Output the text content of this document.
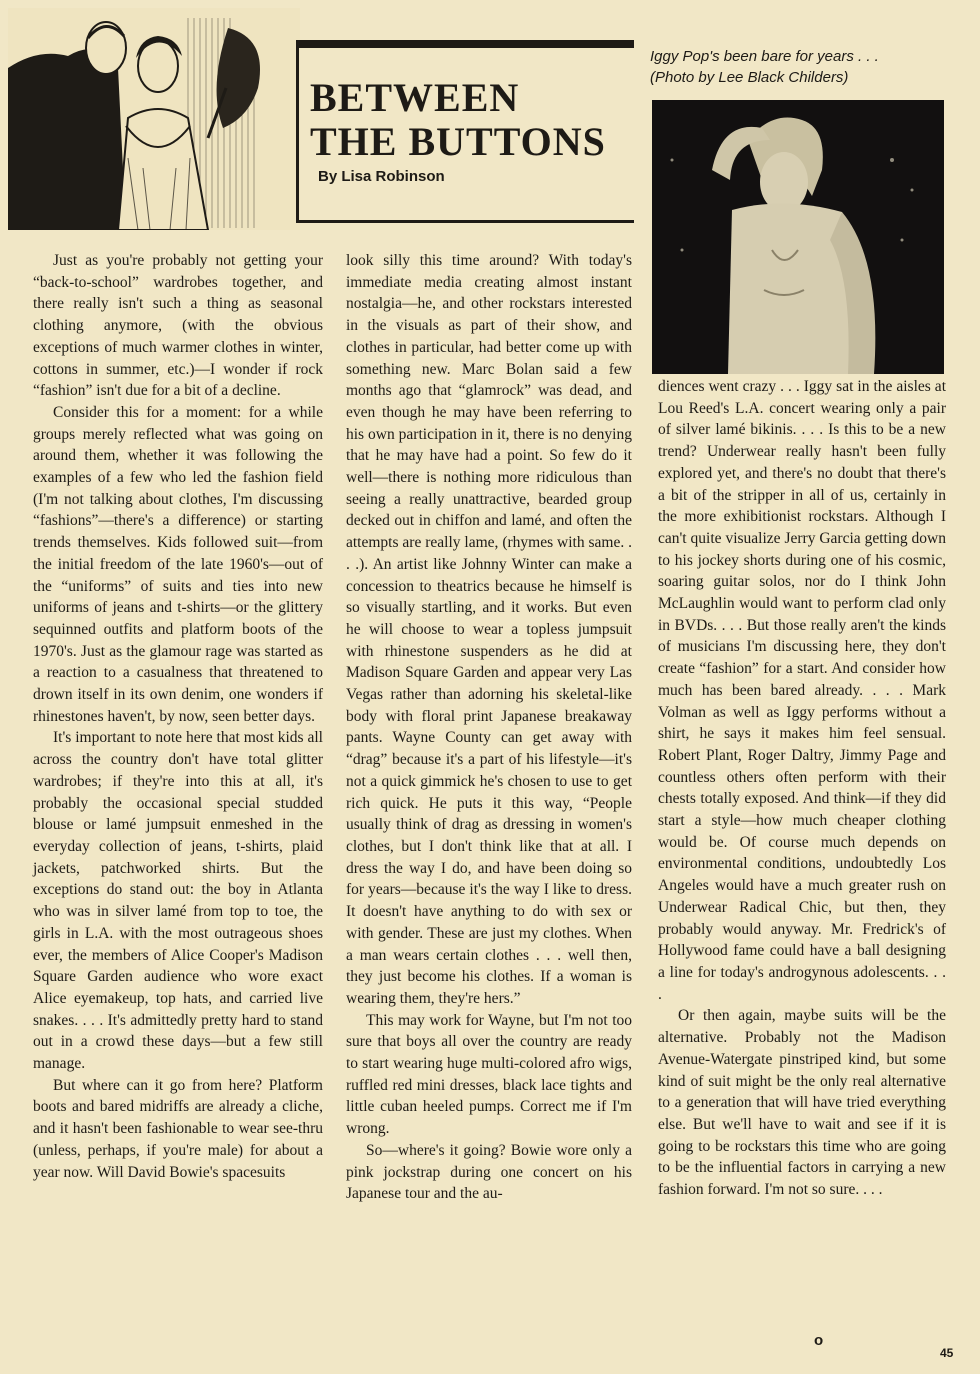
BETWEEN
THE BUTTONS
By Lisa Robinson
Iggy Pop's been bare for years . . .
(Photo by Lee Black Childers)

Just as you're probably not getting your “back-to-school” wardrobes together, and there really isn't such a thing as seasonal clothing anymore, (with the obvious exceptions of much warmer clothes in winter, cottons in summer, etc.)—I wonder if rock “fashion” isn't due for a bit of a decline.

Consider this for a moment: for a while groups merely reflected what was going on around them, whether it was following the examples of a few who led the fashion field (I'm not talking about clothes, I'm discussing “fashions”—there's a difference) or starting trends themselves. Kids followed suit—from the initial freedom of the late 1960's—out of the “uniforms” of suits and ties into new uniforms of jeans and t-shirts—or the glittery sequinned outfits and platform boots of the 1970's. Just as the glamour rage was started as a reaction to a casualness that threatened to drown itself in its own denim, one wonders if rhinestones haven't, by now, seen better days.

It's important to note here that most kids all across the country don't have total glitter wardrobes; if they're into this at all, it's probably the occasional special studded blouse or lamé jumpsuit enmeshed in the everyday collection of jeans, t-shirts, plaid jackets, patchworked shirts. But the exceptions do stand out: the boy in Atlanta who was in silver lamé from top to toe, the girls in L.A. with the most outrageous shoes ever, the members of Alice Cooper's Madison Square Garden audience who wore exact Alice eyemakeup, top hats, and carried live snakes. . . . It's admittedly pretty hard to stand out in a crowd these days—but a few still manage.

But where can it go from here? Platform boots and bared midriffs are already a cliche, and it hasn't been fashionable to wear see-thru (unless, perhaps, if you're male) for about a year now. Will David Bowie's spacesuits

look silly this time around? With today's immediate media creating almost instant nostalgia—he, and other rockstars interested in the visuals as part of their show, and clothes in particular, had better come up with something new. Marc Bolan said a few months ago that “glamrock” was dead, and even though he may have been referring to his own participation in it, there is no denying that he may have had a point. So few do it well—there is nothing more ridiculous than seeing a really unattractive, bearded group decked out in chiffon and lamé, and often the attempts are really lame, (rhymes with same. . . .). An artist like Johnny Winter can make a concession to theatrics because he himself is so visually startling, and it works. But even he will choose to wear a topless jumpsuit with rhinestone suspenders as he did at Madison Square Garden and appear very Las Vegas rather than adorning his skeletal-like body with floral print Japanese breakaway pants. Wayne County can get away with “drag” because it's a part of his lifestyle—it's not a quick gimmick he's chosen to use to get rich quick. He puts it this way, “People usually think of drag as dressing in women's clothes, but I don't think like that at all. I dress the way I do, and have been doing so for years—because it's the way I like to dress. It doesn't have anything to do with sex or with gender. These are just my clothes. When a man wears certain clothes . . . well then, they just become his clothes. If a woman is wearing them, they're hers.”

This may work for Wayne, but I'm not too sure that boys all over the country are ready to start wearing huge multi-colored afro wigs, ruffled red mini dresses, black lace tights and little cuban heeled pumps. Correct me if I'm wrong.

So—where's it going? Bowie wore only a pink jockstrap during one concert on his Japanese tour and the au-

diences went crazy . . . Iggy sat in the aisles at Lou Reed's L.A. concert wearing only a pair of silver lamé bikinis. . . . Is this to be a new trend? Underwear really hasn't been fully explored yet, and there's no doubt that there's a bit of the stripper in all of us, certainly in the more exhibitionist rockstars. Although I can't quite visualize Jerry Garcia getting down to his jockey shorts during one of his cosmic, soaring guitar solos, nor do I think John McLaughlin would want to perform clad only in BVDs. . . . But those really aren't the kinds of musicians I'm discussing here, they don't create “fashion” for a start. And consider how much has been bared already. . . . Mark Volman as well as Iggy performs without a shirt, he says it makes him feel sensual. Robert Plant, Roger Daltry, Jimmy Page and countless others often perform with their chests totally exposed. And think—if they did start a style—how much cheaper clothing would be. Of course much depends on environmental conditions, undoubtedly Los Angeles would have a much greater rush on Underwear Radical Chic, but then, they probably would anyway. Mr. Fredrick's of Hollywood fame could have a ball designing a line for today's androgynous adolescents. . . .

Or then again, maybe suits will be the alternative. Probably not the Madison Avenue-Watergate pinstriped kind, but some kind of suit might be the only real alternative to a generation that will have tried everything else. But we'll have to wait and see if it is going to be rockstars this time who are going to be the influential factors in carrying a new fashion forward. I'm not so sure. . . .

o
45
